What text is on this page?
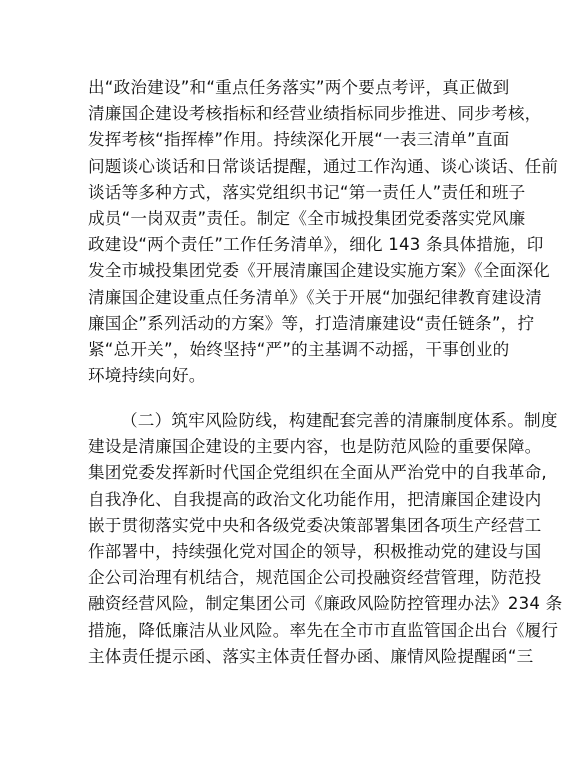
出“政治建设”和“重点任务落实”两个要点考评，真正做到
清廉国企建设考核指标和经营业绩指标同步推进、同步考核，
发挥考核“指挥棒”作用。持续深化开展“一表三清单”直面
问题谈心谈话和日常谈话提醒，通过工作沟通、谈心谈话、任前
谈话等多种方式，落实党组织书记“第一责任人”责任和班子
成员“一岗双责”责任。制定《全市城投集团党委落实党风廉
政建设“两个责任”工作任务清单》，细化 143 条具体措施，印
发全市城投集团党委《开展清廉国企建设实施方案》《全面深化
清廉国企建设重点任务清单》《关于开展“加强纪律教育建设清
廉国企”系列活动的方案》等，打造清廉建设“责任链条”，拧
紧“总开关”，始终坚持“严”的主基调不动摇，干事创业的
环境持续向好。
（二）筑牢风险防线，构建配套完善的清廉制度体系。制度
建设是清廉国企建设的主要内容，也是防范风险的重要保障。
集团党委发挥新时代国企党组织在全面从严治党中的自我革命,
自我净化、自我提高的政治文化功能作用，把清廉国企建设内
嵌于贯彻落实党中央和各级党委决策部署集团各项生产经营工
作部署中，持续强化党对国企的领导，积极推动党的建设与国
企公司治理有机结合，规范国企公司投融资经营管理，防范投
融资经营风险，制定集团公司《廉政风险防控管理办法》234 条
措施，降低廉洁从业风险。率先在全市市直监管国企出台《履行
主体责任提示函、落实主体责任督办函、廉情风险提醒函“三
